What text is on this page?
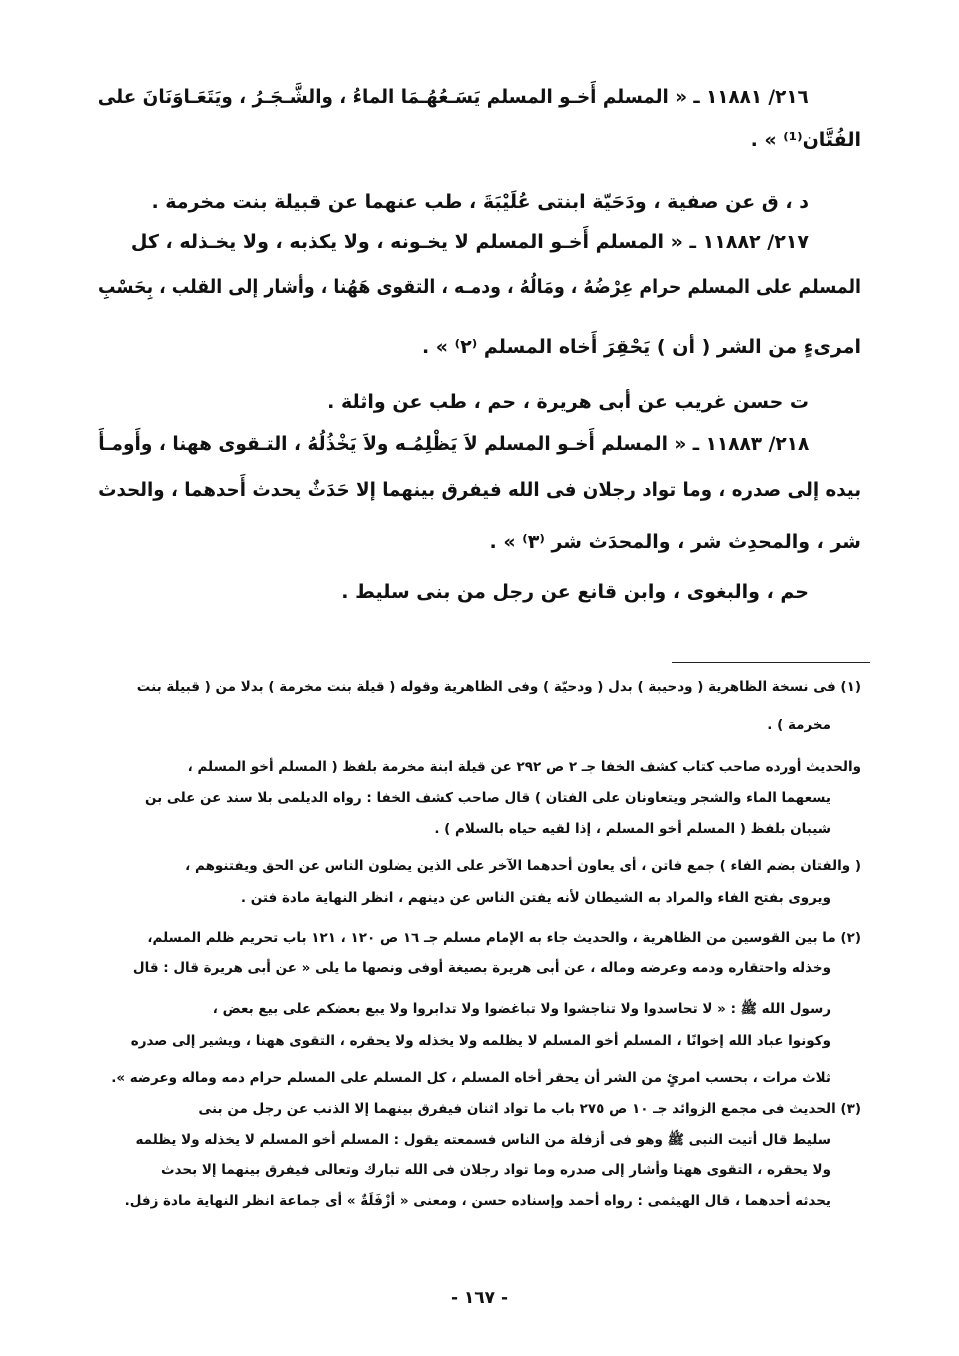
٢١٦/ ١١٨٨١ ـ « المسلم أَخـو المسلم يَسَـعُهُـمَا الماءُ ، والشَّـجَـرُ ، ويَتَعَـاوَنَانَ على
الفُتَّان⁽¹⁾ » .
د ، ق عن صفية ، ودَحَيّة ابنتى عُلَيْبَةَ ، طب عنهما عن قبيلة بنت مخرمة .
٢١٧/ ١١٨٨٢ ـ « المسلم أَخـو المسلم لا يخـونه ، ولا يكذبه ، ولا يخـذله ، كل
المسلم على المسلم حرام عِرْضُهُ ، ومَالُهُ ، ودمـه ، التقوى هَهُنا ، وأشار إلى القلب ، بِحَسْبِ
امرىءٍ من الشر ( أن ) يَحْقِرَ أَخاه المسلم ⁽٢⁾ » .
ت حسن غريب عن أبى هريرة ، حم ، طب عن واثلة .
٢١٨/ ١١٨٨٣ ـ « المسلم أَخـو المسلم لاَ يَظْلِمُـه ولاَ يَخْذُلُهُ ، التـقوى ههنا ، وأَومـأَ
بيده إلى صدره ، وما تواد رجلان فى الله فيفرق بينهما إلا حَدَثٌ يحدث أَحدهما ، والحدث
شر ، والمحدِث شر ، والمحدَث شر ⁽٣⁾ » .
حم ، والبغوى ، وابن قانع عن رجل من بنى سليط .
(١) فى نسخة الظاهرية ( ودحيبة ) بدل ( ودحيّة ) وفى الظاهرية وقوله ( قيلة بنت مخرمة ) بدلا من ( قبيلة بنت
مخرمة ) .
والحديث أورده صاحب كتاب كشف الخفا جـ ٢ ص ٢٩٢ عن قيلة ابنة مخرمة بلفظ ( المسلم أخو المسلم ،
يسعهما الماء والشجر ويتعاونان على الفتان ) قال صاحب كشف الخفا : رواه الديلمى بلا سند عن على بن
شيبان بلفظ ( المسلم أخو المسلم ، إذا لقيه حياه بالسلام ) .
( والفتان بضم الفاء ) جمع فاتن ، أى يعاون أحدهما الآخر على الذين يضلون الناس عن الحق ويفتنوهم ،
ويروى بفتح الفاء والمراد به الشيطان لأنه يفتن الناس عن دينهم ، انظر النهاية مادة فتن .
(٢) ما بين القوسين من الظاهرية ، والحديث جاء به الإمام مسلم جـ ١٦ ص ١٢٠ ، ١٢١ باب تحريم ظلم المسلم،
وخذله واحتقاره ودمه وعرضه وماله ، عن أبى هريرة بصيغة أوفى ونصها ما يلى « عن أبى هريرة قال : قال
رسول الله ﷺ : « لا تحاسدوا ولا تناجشوا ولا تباغضوا ولا تدابروا ولا يبع بعضكم على بيع بعض ،
وكونوا عباد الله إخوانًا ، المسلم أخو المسلم لا يظلمه ولا يخذله ولا يحقره ، التقوى ههنا ، ويشير إلى صدره
ثلاث مرات ، بحسب امرئٍ من الشر أن يحقر أخاه المسلم ، كل المسلم على المسلم حرام دمه وماله وعرضه ».
(٣) الحديث فى مجمع الزوائد جـ ١٠ ص ٢٧٥ باب ما تواد اثنان فيفرق بينهما إلا الذنب عن رجل من بنى
سليط قال أتيت النبى ﷺ وهو فى أزفلة من الناس فسمعته يقول : المسلم أخو المسلم لا يخذله ولا يظلمه
ولا يحقره ، التقوى ههنا وأشار إلى صدره وما تواد رجلان فى الله تبارك وتعالى فيفرق بينهما إلا بحدث
يحدثه أحدهما ، قال الهيثمى : رواه أحمد وإسناده حسن ، ومعنى « أزْفَلَةٌ » أى جماعة انظر النهاية مادة زفل.
- ١٦٧ -
